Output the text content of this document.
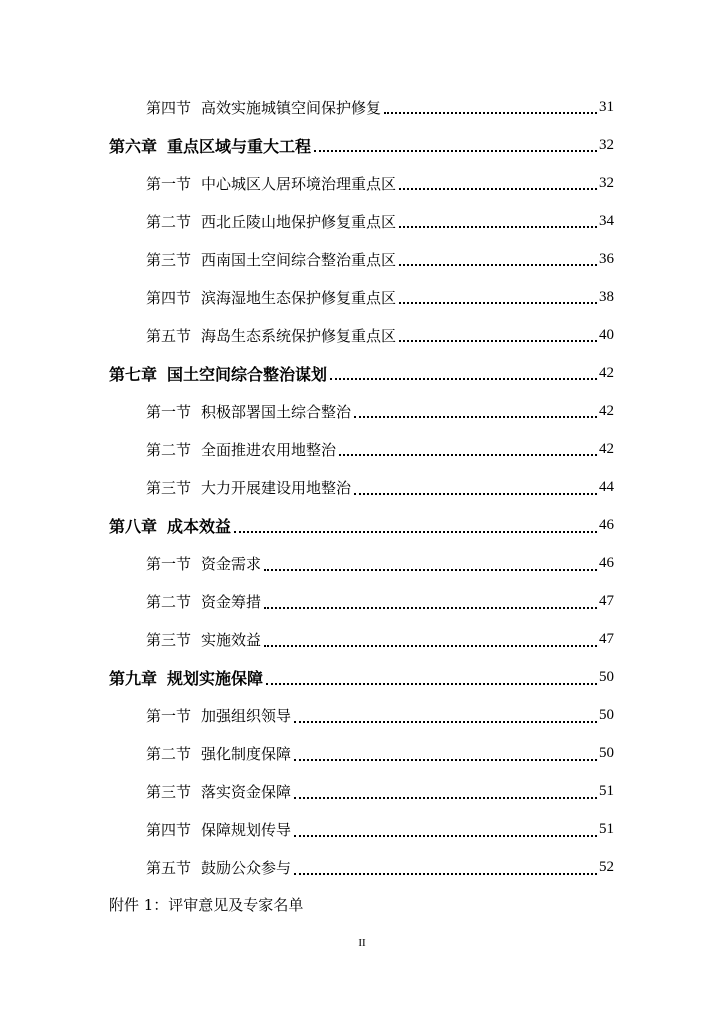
第四节 高效实施城镇空间保护修复	31
第六章 重点区域与重大工程	32
第一节 中心城区人居环境治理重点区	32
第二节 西北丘陵山地保护修复重点区	34
第三节 西南国土空间综合整治重点区	36
第四节 滨海湿地生态保护修复重点区	38
第五节 海岛生态系统保护修复重点区	40
第七章 国土空间综合整治谋划	42
第一节 积极部署国土综合整治	42
第二节 全面推进农用地整治	42
第三节 大力开展建设用地整治	44
第八章 成本效益	46
第一节 资金需求	46
第二节 资金筹措	47
第三节 实施效益	47
第九章 规划实施保障	50
第一节 加强组织领导	50
第二节 强化制度保障	50
第三节 落实资金保障	51
第四节 保障规划传导	51
第五节 鼓励公众参与	52
附件 1：评审意见及专家名单
II
